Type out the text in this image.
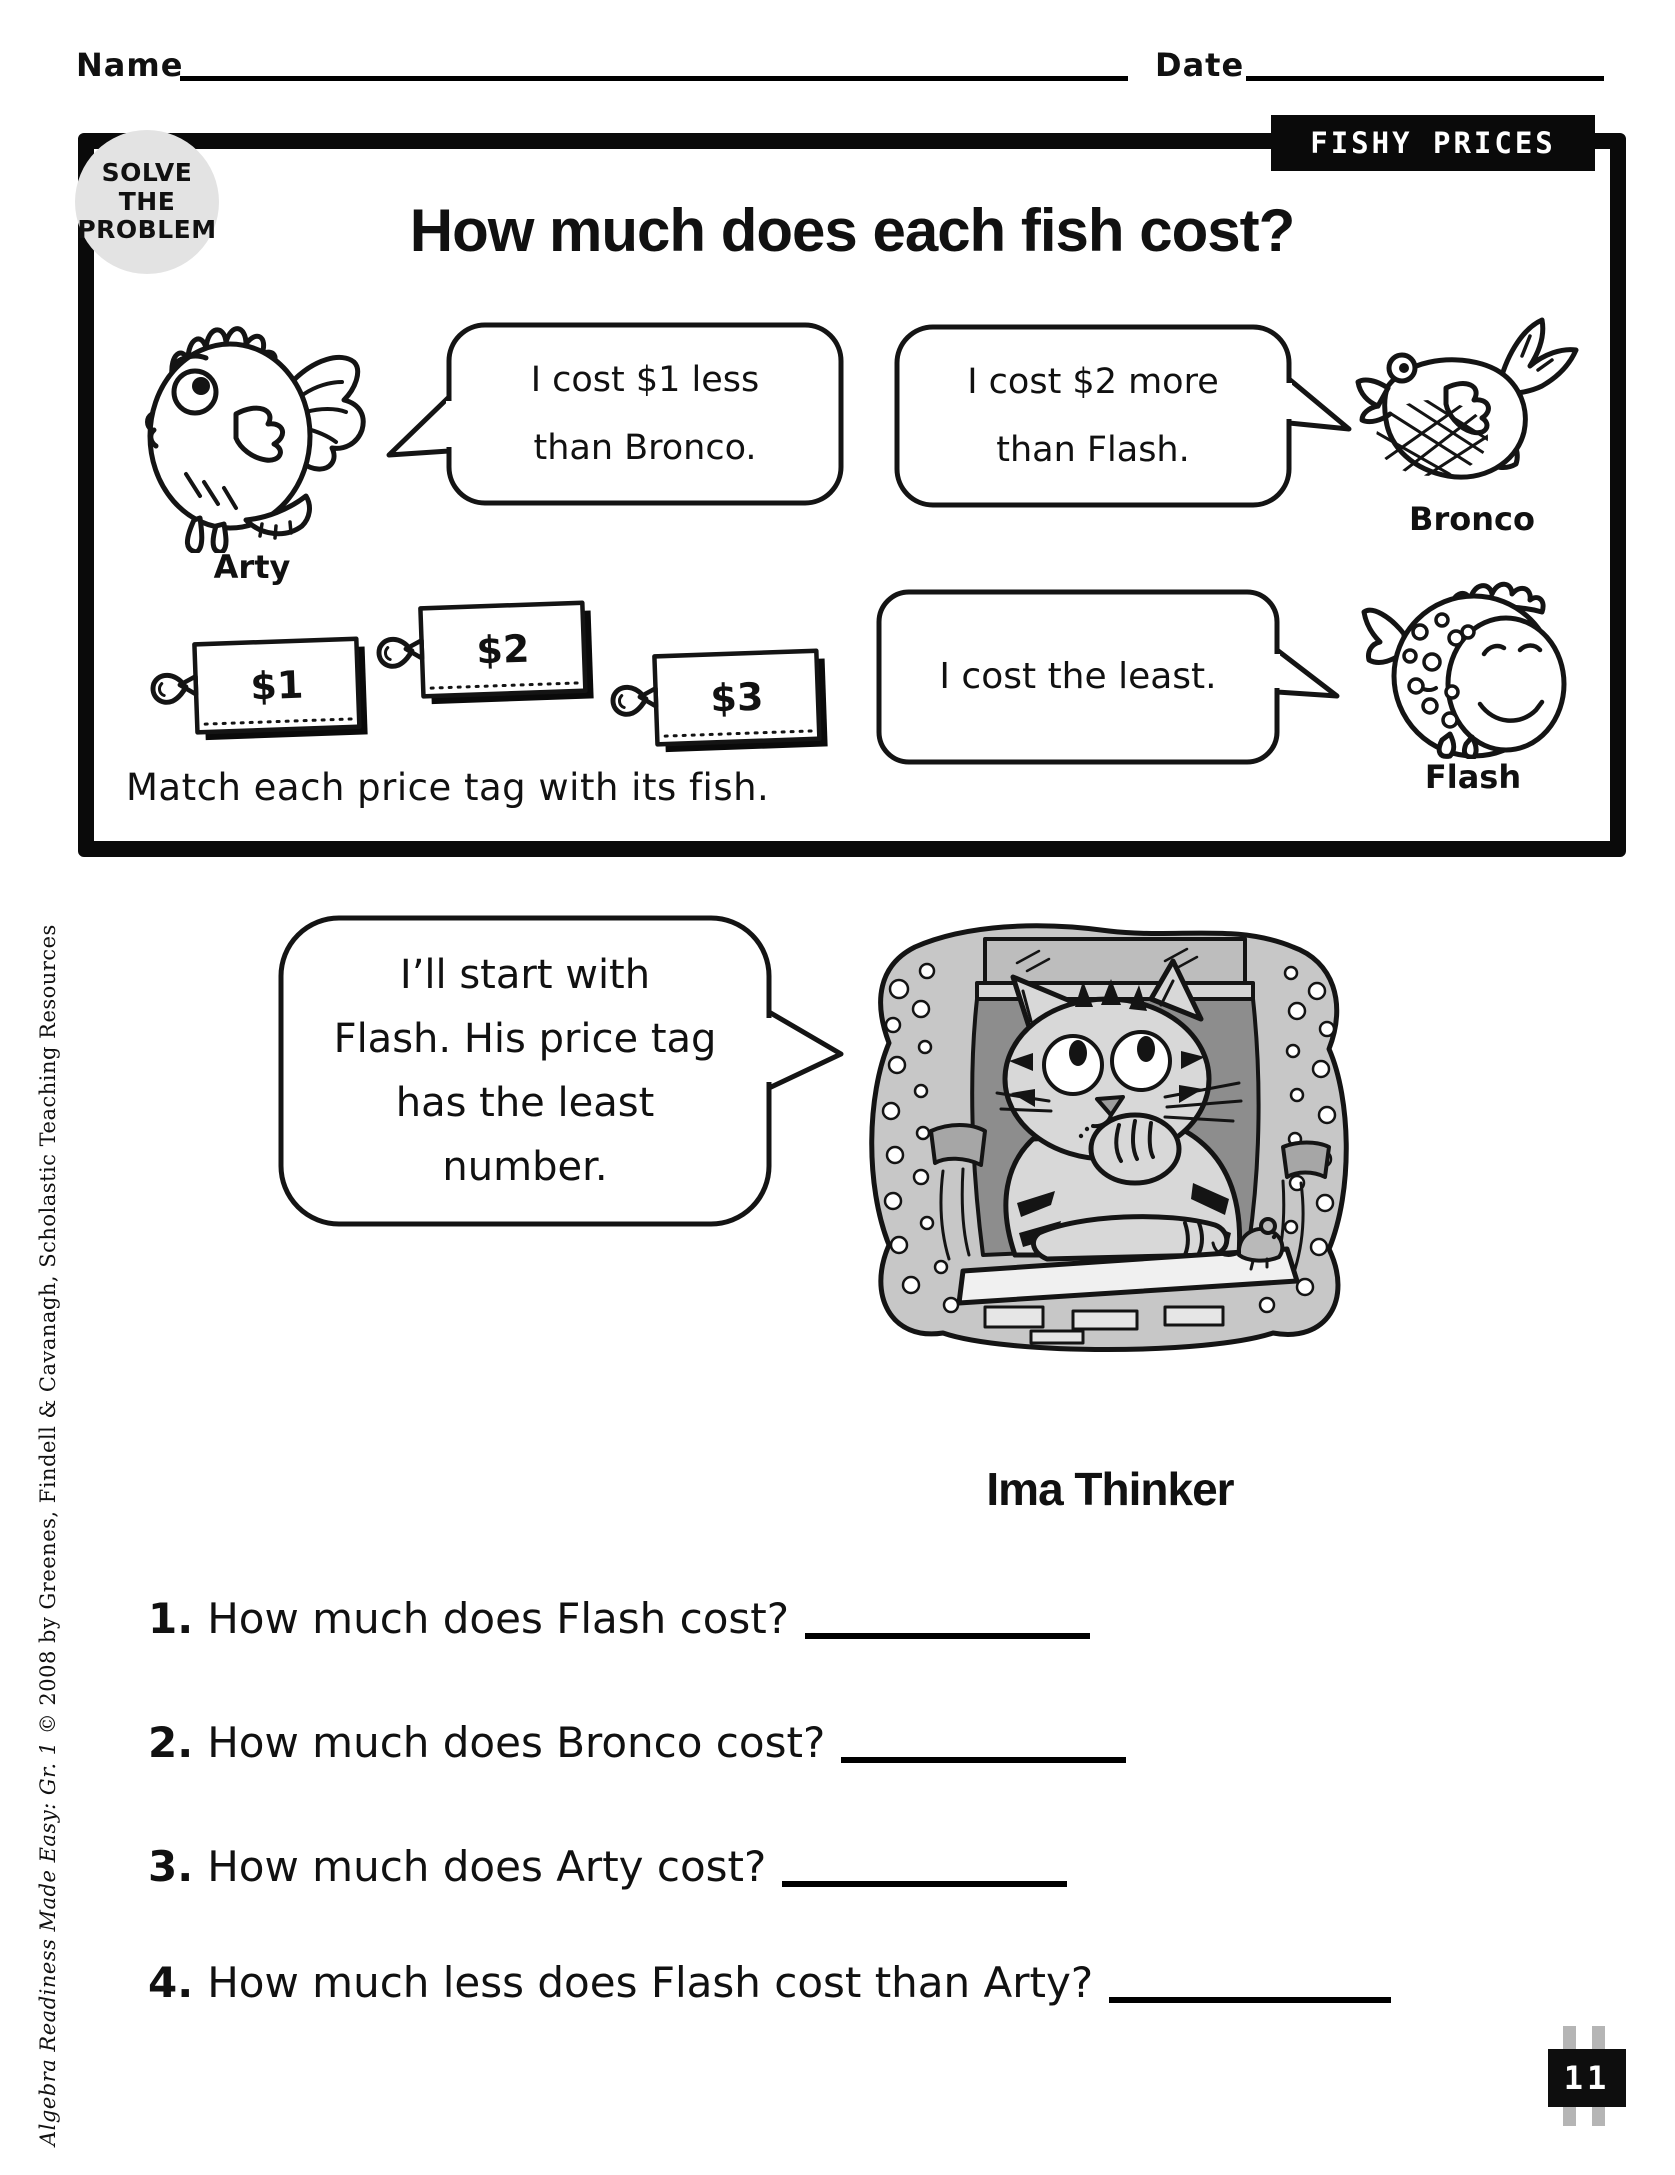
Name	Date
FISHY PRICES
SOLVE
THE
PROBLEM	How much does each fish cost?
Arty
I cost $1 less
than Bronco.
I cost $2 more
than Flash.
Bronco
$1
$2
$3	I cost the least.
Flash
Match each price tag with its fish.
I’ll start with
Flash. His price tag
has the least
number.
Ima Thinker
1. How much does Flash cost?
2. How much does Bronco cost?
3. How much does Arty cost?
4. How much less does Flash cost than Arty?
Algebra Readiness Made Easy: Gr. 1 © 2008 by Greenes, Findell & Cavanagh, Scholastic Teaching Resources
11
